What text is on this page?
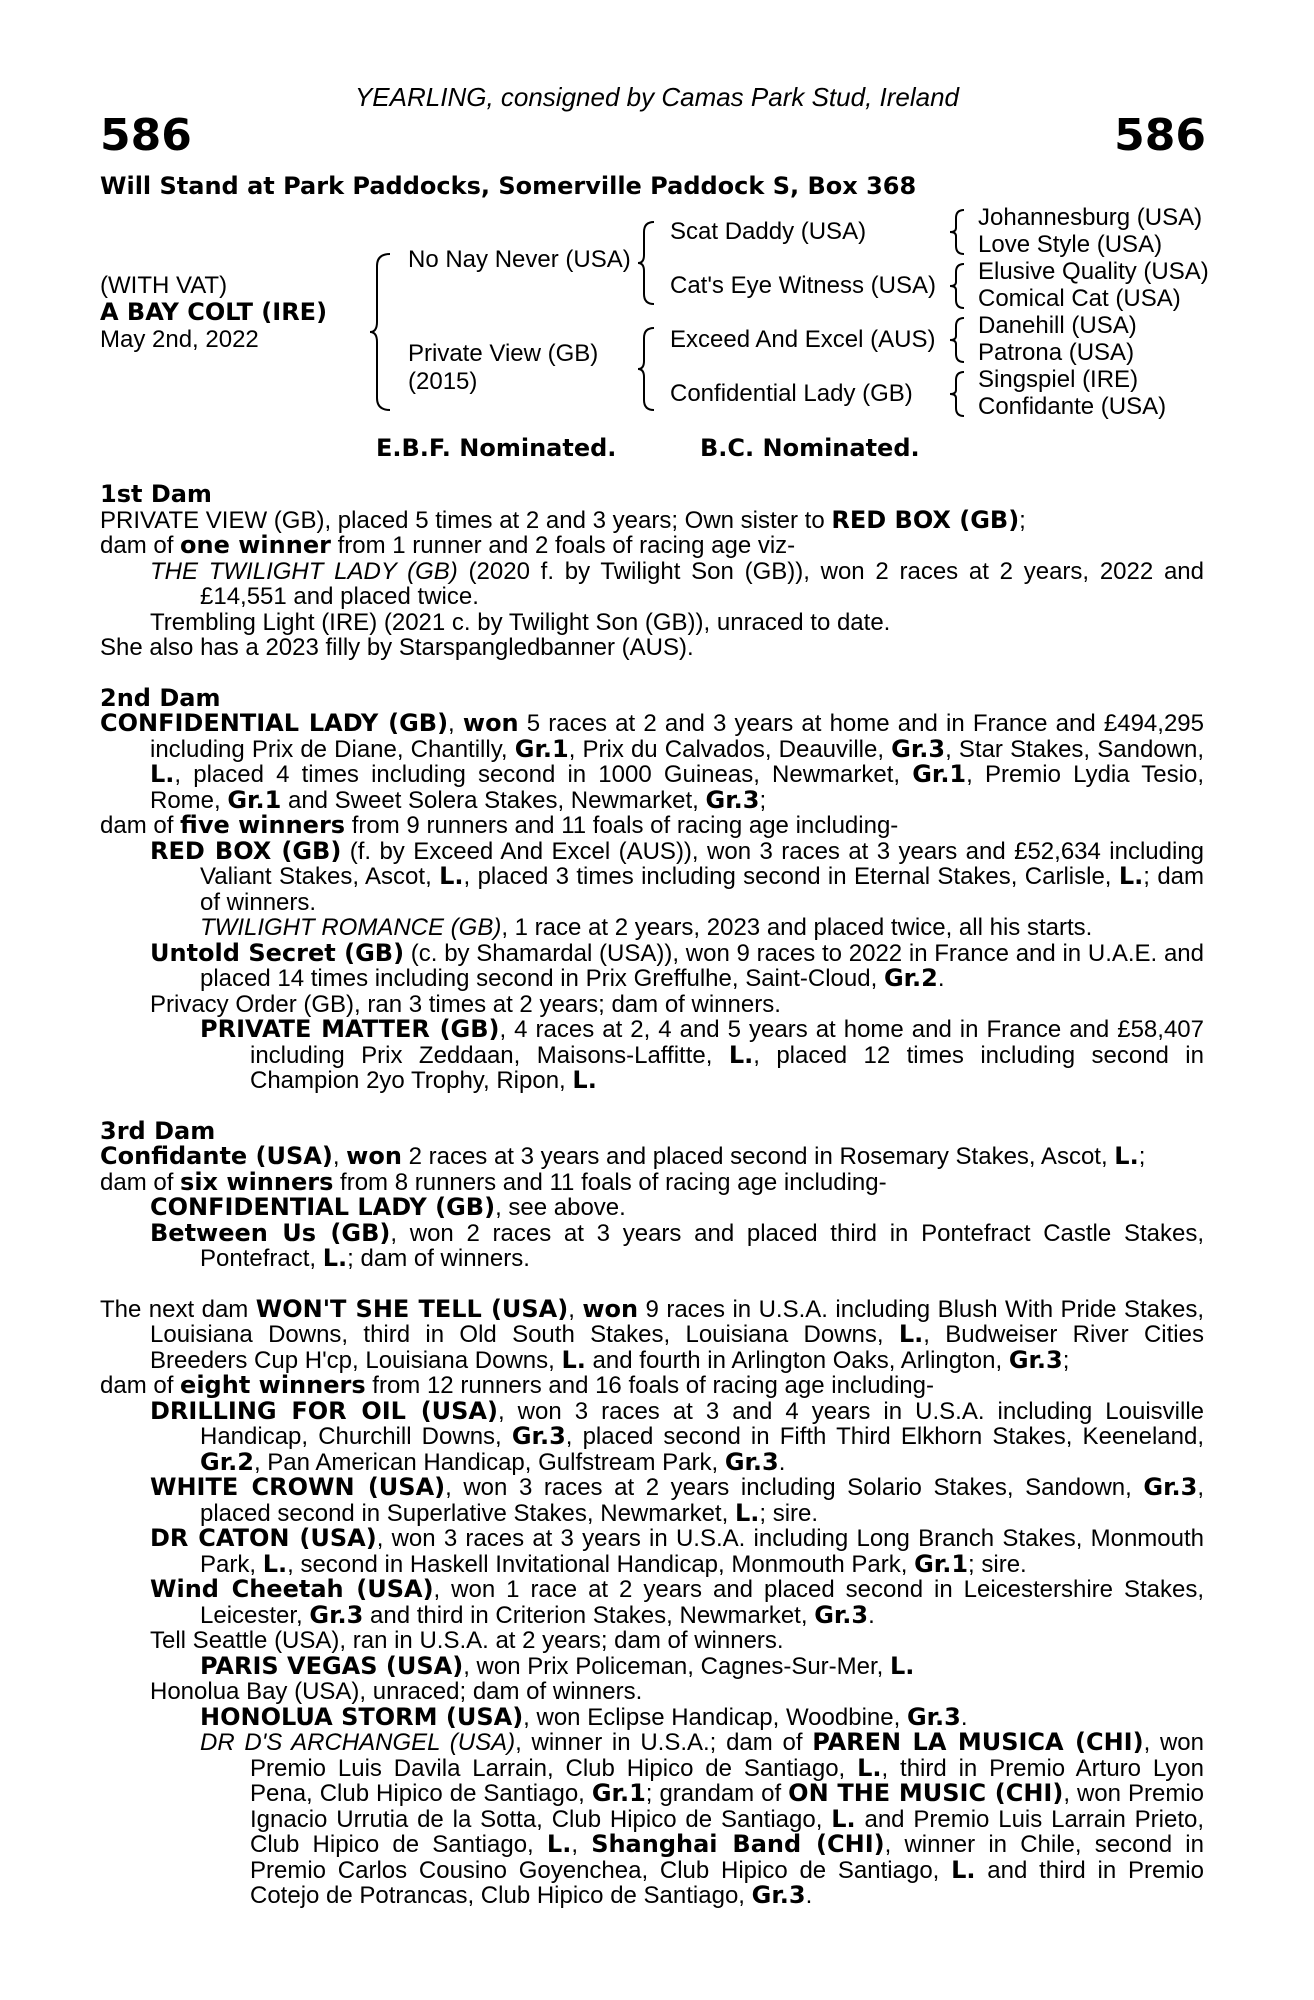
YEARLING, consigned by Camas Park Stud, Ireland
586	586
Will Stand at Park Paddocks, Somerville Paddock S, Box 368
(WITH VAT)
A BAY COLT (IRE)
May 2nd, 2022
No Nay Never (USA)
Private View (GB)
(2015)
Scat Daddy (USA)
Cat's Eye Witness (USA)
Exceed And Excel (AUS)
Confidential Lady (GB)
Johannesburg (USA)
Love Style (USA)
Elusive Quality (USA)
Comical Cat (USA)
Danehill (USA)
Patrona (USA)
Singspiel (IRE)
Confidante (USA)
E.B.F. Nominated.	B.C. Nominated.

1st Dam

PRIVATE VIEW (GB), placed 5 times at 2 and 3 years; Own sister to RED BOX (GB);

dam of one winner from 1 runner and 2 foals of racing age viz-

THE TWILIGHT LADY (GB) (2020 f. by Twilight Son (GB)), won 2 races at 2 years, 2022 and £14,551 and placed twice.

Trembling Light (IRE) (2021 c. by Twilight Son (GB)), unraced to date.

She also has a 2023 filly by Starspangledbanner (AUS).

2nd Dam

CONFIDENTIAL LADY (GB), won 5 races at 2 and 3 years at home and in France and £494,295 including Prix de Diane, Chantilly, Gr.1, Prix du Calvados, Deauville, Gr.3, Star Stakes, Sandown, L., placed 4 times including second in 1000 Guineas, Newmarket, Gr.1, Premio Lydia Tesio, Rome, Gr.1 and Sweet Solera Stakes, Newmarket, Gr.3;

dam of five winners from 9 runners and 11 foals of racing age including-

RED BOX (GB) (f. by Exceed And Excel (AUS)), won 3 races at 3 years and £52,634 including Valiant Stakes, Ascot, L., placed 3 times including second in Eternal Stakes, Carlisle, L.; dam of winners.

TWILIGHT ROMANCE (GB), 1 race at 2 years, 2023 and placed twice, all his starts.

Untold Secret (GB) (c. by Shamardal (USA)), won 9 races to 2022 in France and in U.A.E. and placed 14 times including second in Prix Greffulhe, Saint-Cloud, Gr.2.

Privacy Order (GB), ran 3 times at 2 years; dam of winners.

PRIVATE MATTER (GB), 4 races at 2, 4 and 5 years at home and in France and £58,407 including Prix Zeddaan, Maisons-Laffitte, L., placed 12 times including second in Champion 2yo Trophy, Ripon, L.

3rd Dam

Confidante (USA), won 2 races at 3 years and placed second in Rosemary Stakes, Ascot, L.;

dam of six winners from 8 runners and 11 foals of racing age including-

CONFIDENTIAL LADY (GB), see above.

Between Us (GB), won 2 races at 3 years and placed third in Pontefract Castle Stakes, Pontefract, L.; dam of winners.

The next dam WON'T SHE TELL (USA), won 9 races in U.S.A. including Blush With Pride Stakes, Louisiana Downs, third in Old South Stakes, Louisiana Downs, L., Budweiser River Cities Breeders Cup H'cp, Louisiana Downs, L. and fourth in Arlington Oaks, Arlington, Gr.3;

dam of eight winners from 12 runners and 16 foals of racing age including-

DRILLING FOR OIL (USA), won 3 races at 3 and 4 years in U.S.A. including Louisville Handicap, Churchill Downs, Gr.3, placed second in Fifth Third Elkhorn Stakes, Keeneland, Gr.2, Pan American Handicap, Gulfstream Park, Gr.3.

WHITE CROWN (USA), won 3 races at 2 years including Solario Stakes, Sandown, Gr.3, placed second in Superlative Stakes, Newmarket, L.; sire.

DR CATON (USA), won 3 races at 3 years in U.S.A. including Long Branch Stakes, Monmouth Park, L., second in Haskell Invitational Handicap, Monmouth Park, Gr.1; sire.

Wind Cheetah (USA), won 1 race at 2 years and placed second in Leicestershire Stakes, Leicester, Gr.3 and third in Criterion Stakes, Newmarket, Gr.3.

Tell Seattle (USA), ran in U.S.A. at 2 years; dam of winners.

PARIS VEGAS (USA), won Prix Policeman, Cagnes-Sur-Mer, L.

Honolua Bay (USA), unraced; dam of winners.

HONOLUA STORM (USA), won Eclipse Handicap, Woodbine, Gr.3.

DR D'S ARCHANGEL (USA), winner in U.S.A.; dam of PAREN LA MUSICA (CHI), won Premio Luis Davila Larrain, Club Hipico de Santiago, L., third in Premio Arturo Lyon Pena, Club Hipico de Santiago, Gr.1; grandam of ON THE MUSIC (CHI), won Premio Ignacio Urrutia de la Sotta, Club Hipico de Santiago, L. and Premio Luis Larrain Prieto, Club Hipico de Santiago, L., Shanghai Band (CHI), winner in Chile, second in Premio Carlos Cousino Goyenchea, Club Hipico de Santiago, L. and third in Premio Cotejo de Potrancas, Club Hipico de Santiago, Gr.3.
